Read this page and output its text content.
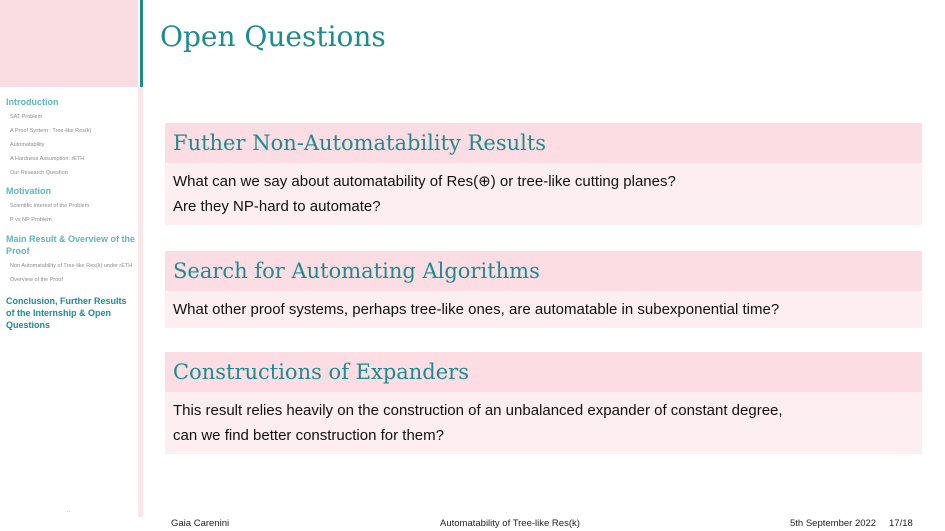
Introduction
SAT Problem
A Proof System : Tree-like Res(k)
Automatability
A Hardness Assumption: rETH
Our Research Question
Motivation
Scientific Interest of the Problem
P vs NP Problem
Main Result & Overview of the Proof
Non Automatability of Tree-like Res(k) under rETH
Overview of the Proof
Conclusion, Further Results of the Internship & Open Questions
Open Questions
Futher Non-Automatability Results
What can we say about automatability of Res(⊕) or tree-like cutting planes?
Are they NP-hard to automate?
Search for Automating Algorithms
What other proof systems, perhaps tree-like ones, are automatable in subexponential time?
Constructions of Expanders
This result relies heavily on the construction of an unbalanced expander of constant degree,
can we find better construction for them?
‥
Gaia Carenini	Automatability of Tree-like Res(k)	5th September 2022 17/18
